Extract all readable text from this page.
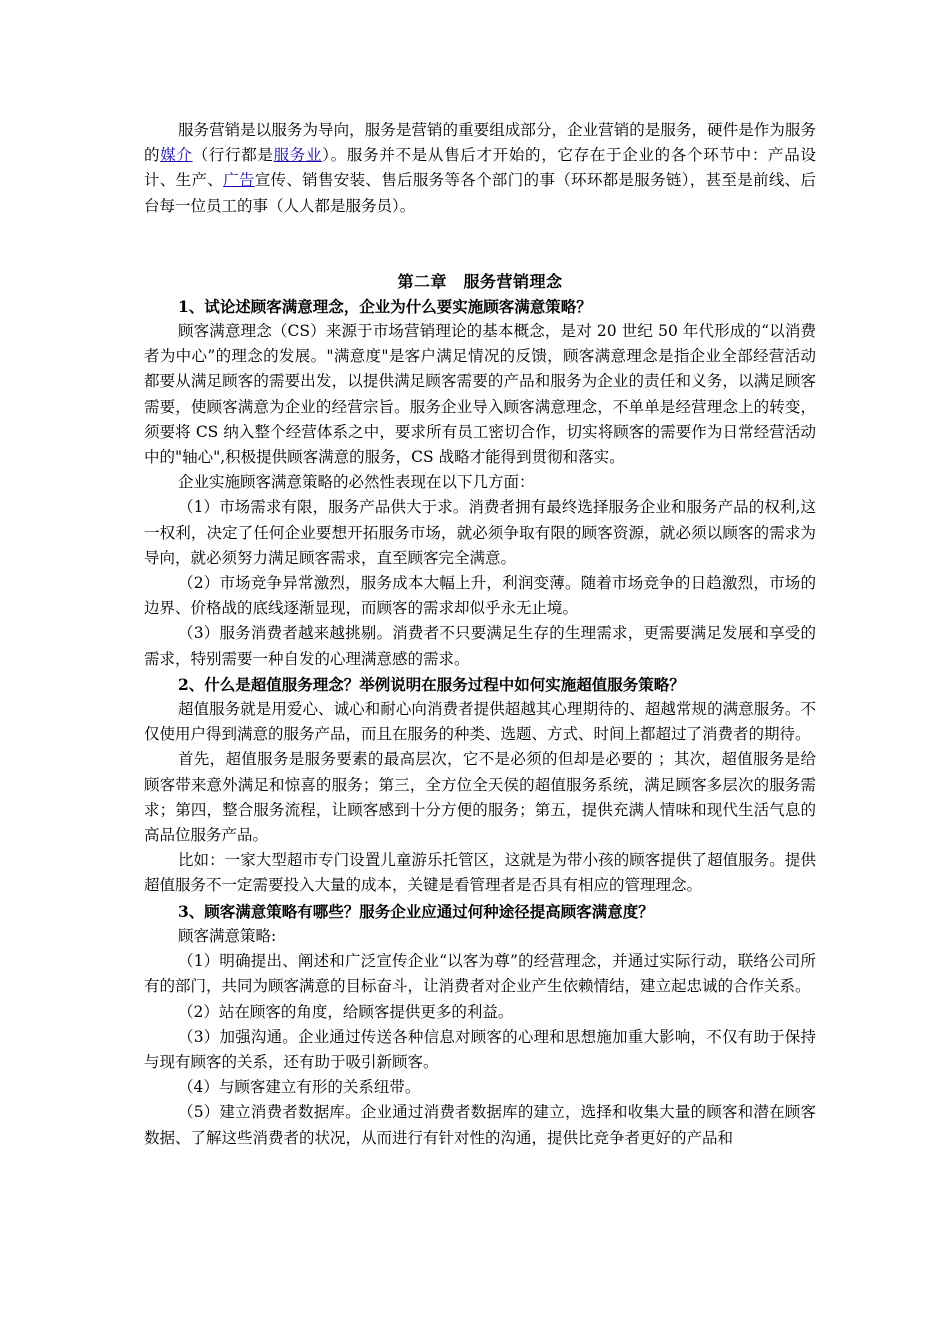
服务营销是以服务为导向，服务是营销的重要组成部分，企业营销的是服务，硬件是作为服务的媒介（行行都是服务业）。服务并不是从售后才开始的，它存在于企业的各个环节中：产品设计、生产、广告宣传、销售安装、售后服务等各个部门的事（环环都是服务链），甚至是前线、后台每一位员工的事（人人都是服务员）。

第二章　服务营销理念
1、试论述顾客满意理念，企业为什么要实施顾客满意策略？

顾客满意理念（CS）来源于市场营销理论的基本概念，是对 20 世纪 50 年代形成的“以消费者为中心”的理念的发展。"满意度"是客户满足情况的反馈，顾客满意理念是指企业全部经营活动都要从满足顾客的需要出发，以提供满足顾客需要的产品和服务为企业的责任和义务，以满足顾客需要，使顾客满意为企业的经营宗旨。服务企业导入顾客满意理念，不单单是经营理念上的转变，须要将 CS 纳入整个经营体系之中，要求所有员工密切合作，切实将顾客的需要作为日常经营活动中的"轴心",积极提供顾客满意的服务，CS 战略才能得到贯彻和落实。

企业实施顾客满意策略的必然性表现在以下几方面：

（1）市场需求有限，服务产品供大于求。消费者拥有最终选择服务企业和服务产品的权利,这一权利，决定了任何企业要想开拓服务市场，就必须争取有限的顾客资源，就必须以顾客的需求为导向，就必须努力满足顾客需求，直至顾客完全满意。

（2）市场竞争异常激烈，服务成本大幅上升，利润变薄。随着市场竞争的日趋激烈，市场的边界、价格战的底线逐渐显现，而顾客的需求却似乎永无止境。

（3）服务消费者越来越挑剔。消费者不只要满足生存的生理需求，更需要满足发展和享受的需求，特别需要一种自发的心理满意感的需求。

2、什么是超值服务理念？举例说明在服务过程中如何实施超值服务策略？

超值服务就是用爱心、诚心和耐心向消费者提供超越其心理期待的、超越常规的满意服务。不仅使用户得到满意的服务产品，而且在服务的种类、选题、方式、时间上都超过了消费者的期待。

首先，超值服务是服务要素的最高层次，它不是必须的但却是必要的 ；其次，超值服务是给顾客带来意外满足和惊喜的服务；第三，全方位全天侯的超值服务系统，满足顾客多层次的服务需求；第四，整合服务流程，让顾客感到十分方便的服务；第五，提供充满人情味和现代生活气息的高品位服务产品。

比如：一家大型超市专门设置儿童游乐托管区，这就是为带小孩的顾客提供了超值服务。提供超值服务不一定需要投入大量的成本，关键是看管理者是否具有相应的管理理念。

3、顾客满意策略有哪些？服务企业应通过何种途径提高顾客满意度？

顾客满意策略:

（1）明确提出、阐述和广泛宣传企业“以客为尊”的经营理念，并通过实际行动，联络公司所有的部门，共同为顾客满意的目标奋斗，让消费者对企业产生依赖情结，建立起忠诚的合作关系。

（2）站在顾客的角度，给顾客提供更多的利益。

（3）加强沟通。企业通过传送各种信息对顾客的心理和思想施加重大影响，不仅有助于保持与现有顾客的关系，还有助于吸引新顾客。

（4）与顾客建立有形的关系纽带。

（5）建立消费者数据库。企业通过消费者数据库的建立，选择和收集大量的顾客和潜在顾客数据、了解这些消费者的状况，从而进行有针对性的沟通，提供比竞争者更好的产品和
